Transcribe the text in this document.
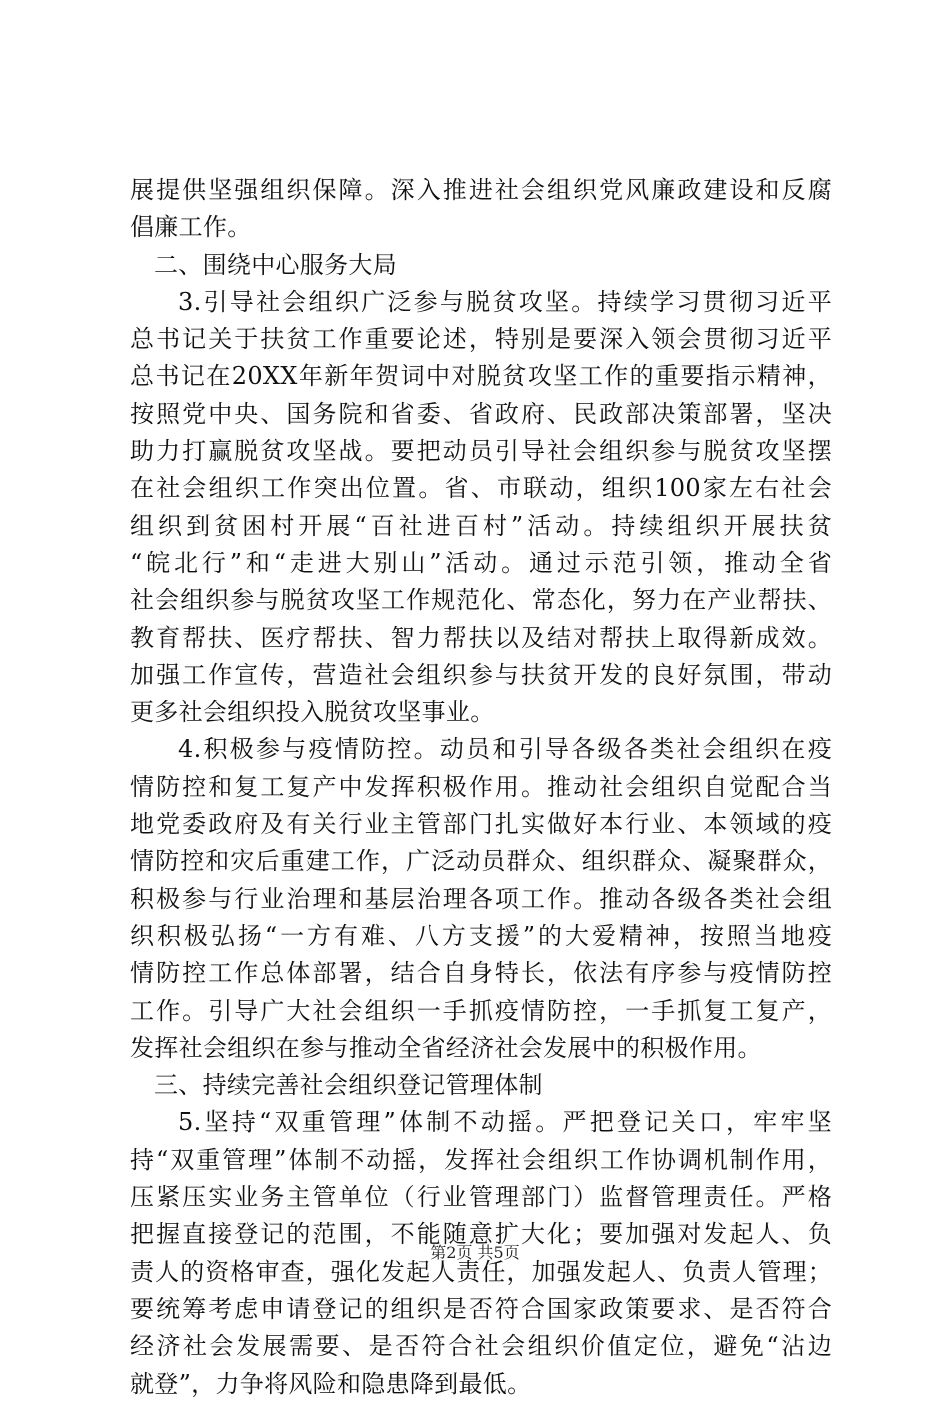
展提供坚强组织保障。深入推进社会组织党风廉政建设和反腐
倡廉工作。
二、围绕中心服务大局
3.引导社会组织广泛参与脱贫攻坚。持续学习贯彻习近平
总书记关于扶贫工作重要论述，特别是要深入领会贯彻习近平
总书记在20XX年新年贺词中对脱贫攻坚工作的重要指示精神，
按照党中央、国务院和省委、省政府、民政部决策部署，坚决
助力打赢脱贫攻坚战。要把动员引导社会组织参与脱贫攻坚摆
在社会组织工作突出位置。省、市联动，组织100家左右社会
组织到贫困村开展“百社进百村”活动。持续组织开展扶贫
“皖北行”和“走进大别山”活动。通过示范引领，推动全省
社会组织参与脱贫攻坚工作规范化、常态化，努力在产业帮扶、
教育帮扶、医疗帮扶、智力帮扶以及结对帮扶上取得新成效。
加强工作宣传，营造社会组织参与扶贫开发的良好氛围，带动
更多社会组织投入脱贫攻坚事业。
4.积极参与疫情防控。动员和引导各级各类社会组织在疫
情防控和复工复产中发挥积极作用。推动社会组织自觉配合当
地党委政府及有关行业主管部门扎实做好本行业、本领域的疫
情防控和灾后重建工作，广泛动员群众、组织群众、凝聚群众，
积极参与行业治理和基层治理各项工作。推动各级各类社会组
织积极弘扬“一方有难、八方支援”的大爱精神，按照当地疫
情防控工作总体部署，结合自身特长，依法有序参与疫情防控
工作。引导广大社会组织一手抓疫情防控，一手抓复工复产，
发挥社会组织在参与推动全省经济社会发展中的积极作用。
三、持续完善社会组织登记管理体制
5.坚持“双重管理”体制不动摇。严把登记关口，牢牢坚
持“双重管理”体制不动摇，发挥社会组织工作协调机制作用，
压紧压实业务主管单位（行业管理部门）监督管理责任。严格
把握直接登记的范围，不能随意扩大化；要加强对发起人、负
责人的资格审查，强化发起人责任，加强发起人、负责人管理；
要统筹考虑申请登记的组织是否符合国家政策要求、是否符合
经济社会发展需要、是否符合社会组织价值定位，避免“沾边
就登”，力争将风险和隐患降到最低。
第2页 共5页
